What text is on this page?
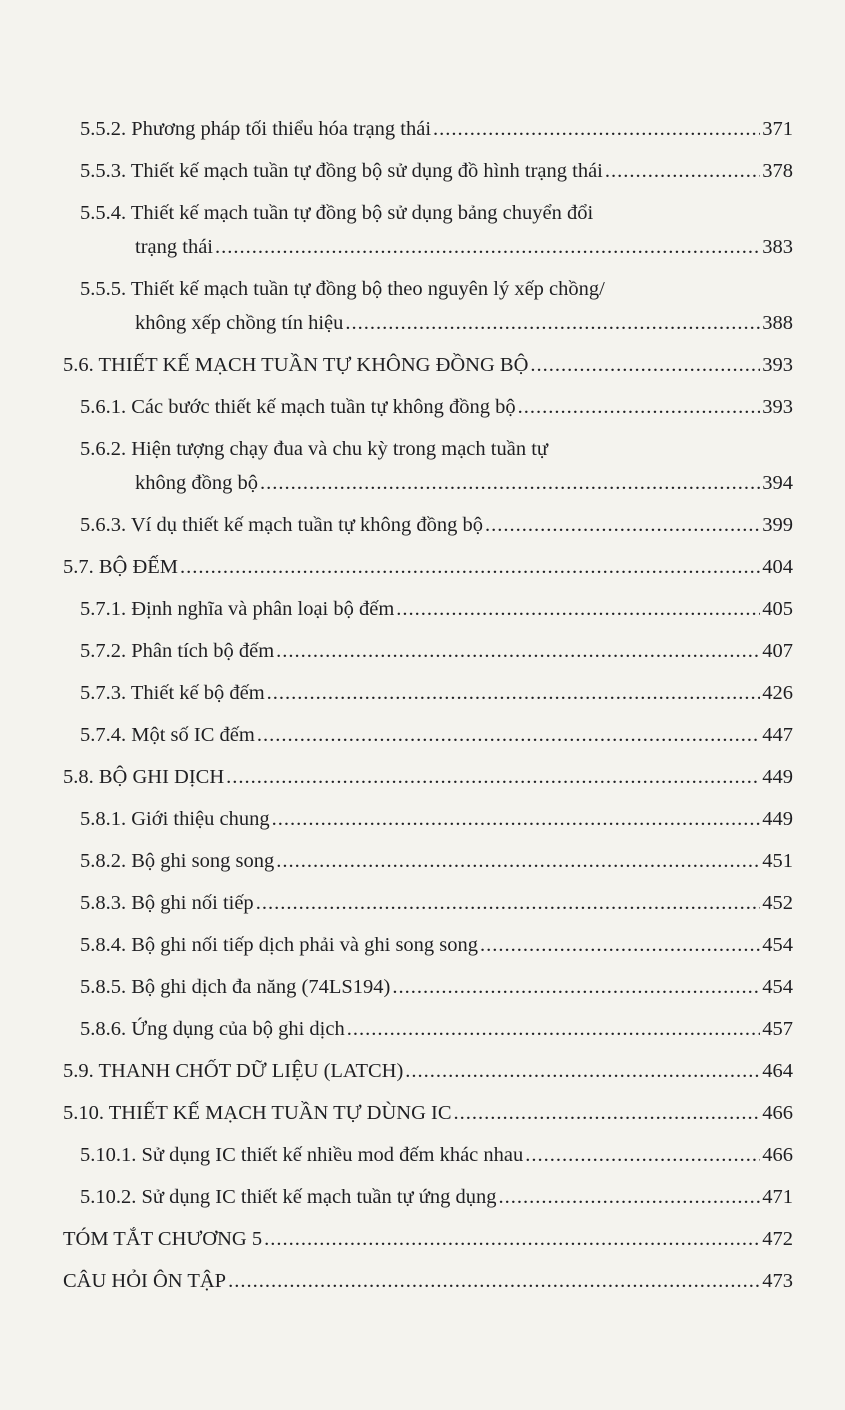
5.5.2. Phương pháp tối thiểu hóa trạng thái .....	371
5.5.3. Thiết kế mạch tuần tự đồng bộ sử dụng đồ hình trạng thái .....	378
5.5.4. Thiết kế mạch tuần tự đồng bộ sử dụng bảng chuyển đổi
trạng thái .....	383
5.5.5. Thiết kế mạch tuần tự đồng bộ theo nguyên lý xếp chồng/
không xếp chồng tín hiệu .....	388
5.6. THIẾT KẾ MẠCH TUẦN TỰ KHÔNG ĐỒNG BỘ .....	393
5.6.1. Các bước thiết kế mạch tuần tự không đồng bộ .....	393
5.6.2. Hiện tượng chạy đua và chu kỳ trong mạch tuần tự
không đồng bộ .....	394
5.6.3. Ví dụ thiết kế mạch tuần tự không đồng bộ .....	399
5.7. BỘ ĐẾM .....	404
5.7.1. Định nghĩa và phân loại bộ đếm .....	405
5.7.2. Phân tích bộ đếm .....	407
5.7.3. Thiết kế bộ đếm .....	426
5.7.4. Một số IC đếm .....	447
5.8. BỘ GHI DỊCH .....	449
5.8.1. Giới thiệu chung .....	449
5.8.2. Bộ ghi song song .....	451
5.8.3. Bộ ghi nối tiếp .....	452
5.8.4. Bộ ghi nối tiếp dịch phải và ghi song song .....	454
5.8.5. Bộ ghi dịch đa năng (74LS194) .....	454
5.8.6. Ứng dụng của bộ ghi dịch .....	457
5.9. THANH CHỐT DỮ LIỆU (LATCH) .....	464
5.10. THIẾT KẾ MẠCH TUẦN TỰ DÙNG IC .....	466
5.10.1. Sử dụng IC thiết kế nhiều mod đếm khác nhau .....	466
5.10.2. Sử dụng IC thiết kế mạch tuần tự ứng dụng .....	471
TÓM TẮT CHƯƠNG 5 .....	472
CÂU HỎI ÔN TẬP .....	473
